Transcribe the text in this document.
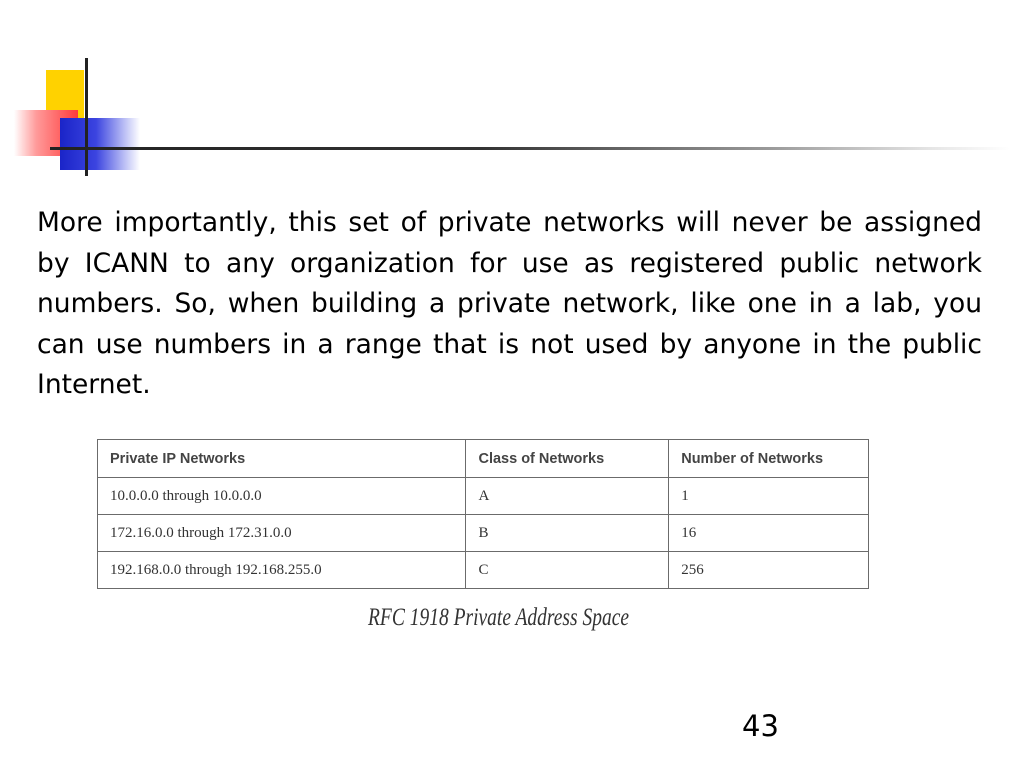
More importantly, this set of private networks will never be assigned by ICANN to any organization for use as registered public network numbers. So, when building a private network, like one in a lab, you can use numbers in a range that is not used by anyone in the public Internet.

Private IP Networks	Class of Networks	Number of Networks
10.0.0.0 through 10.0.0.0	A	1
172.16.0.0 through 172.31.0.0	B	16
192.168.0.0 through 192.168.255.0	C	256
RFC 1918 Private Address Space
43
